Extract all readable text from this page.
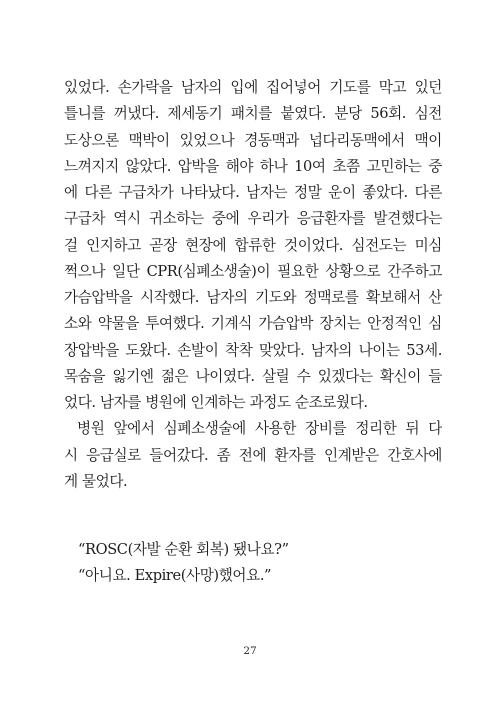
있었다. 손가락을 남자의 입에 집어넣어 기도를 막고 있던
틀니를 꺼냈다. 제세동기 패치를 붙였다. 분당 56회. 심전
도상으론 맥박이 있었으나 경동맥과 넙다리동맥에서 맥이
느껴지지 않았다. 압박을 해야 하나 10여 초쯤 고민하는 중
에 다른 구급차가 나타났다. 남자는 정말 운이 좋았다. 다른
구급차 역시 귀소하는 중에 우리가 응급환자를 발견했다는
걸 인지하고 곧장 현장에 합류한 것이었다. 심전도는 미심
쩍으나 일단 CPR(심폐소생술)이 필요한 상황으로 간주하고
가슴압박을 시작했다. 남자의 기도와 정맥로를 확보해서 산
소와 약물을 투여했다. 기계식 가슴압박 장치는 안정적인 심
장압박을 도왔다. 손발이 착착 맞았다. 남자의 나이는 53세.
목숨을 잃기엔 젊은 나이였다. 살릴 수 있겠다는 확신이 들
었다. 남자를 병원에 인계하는 과정도 순조로웠다.
병원 앞에서 심폐소생술에 사용한 장비를 정리한 뒤 다
시 응급실로 들어갔다. 좀 전에 환자를 인계받은 간호사에
게 물었다.
“ROSC(자발 순환 회복) 됐나요?”
“아니요. Expire(사망)했어요.”
27
